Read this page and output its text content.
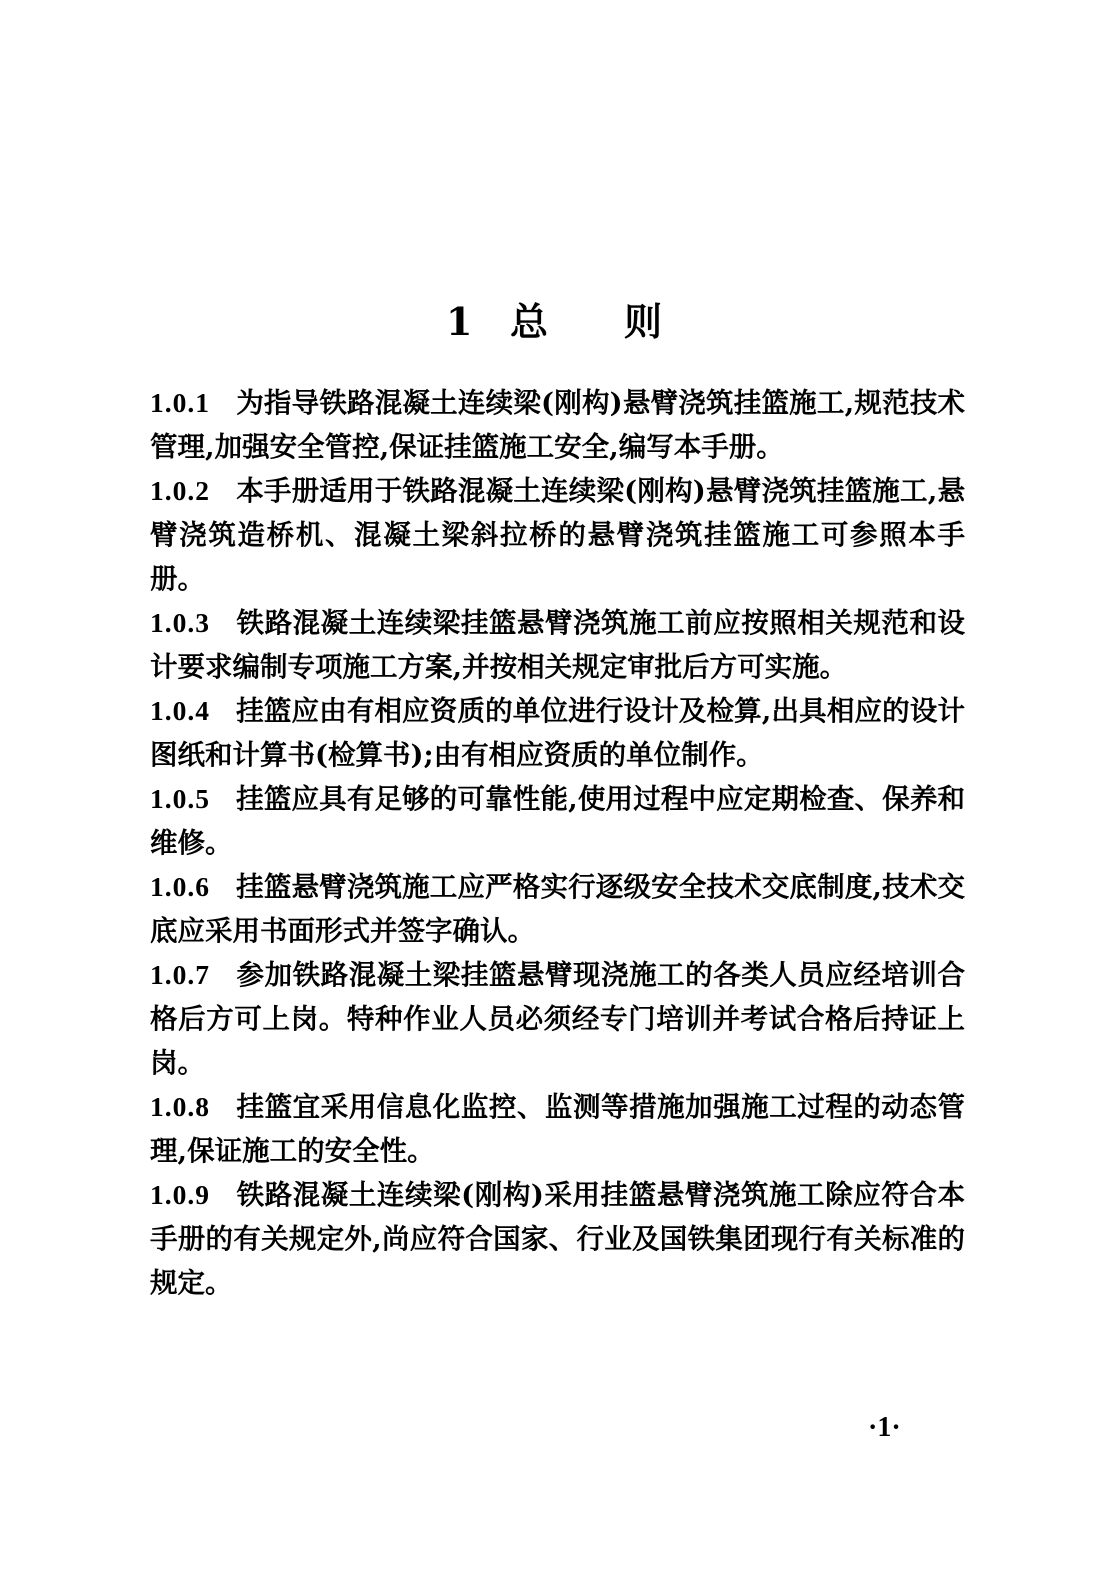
1 总 则

1.0.1 为指导铁路混凝土连续梁(刚构)悬臂浇筑挂篮施工,规范技术管理,加强安全管控,保证挂篮施工安全,编写本手册。

1.0.2 本手册适用于铁路混凝土连续梁(刚构)悬臂浇筑挂篮施工,悬臂浇筑造桥机、混凝土梁斜拉桥的悬臂浇筑挂篮施工可参照本手册。

1.0.3 铁路混凝土连续梁挂篮悬臂浇筑施工前应按照相关规范和设计要求编制专项施工方案,并按相关规定审批后方可实施。

1.0.4 挂篮应由有相应资质的单位进行设计及检算,出具相应的设计图纸和计算书(检算书);由有相应资质的单位制作。

1.0.5 挂篮应具有足够的可靠性能,使用过程中应定期检查、保养和维修。

1.0.6 挂篮悬臂浇筑施工应严格实行逐级安全技术交底制度,技术交底应采用书面形式并签字确认。

1.0.7 参加铁路混凝土梁挂篮悬臂现浇施工的各类人员应经培训合格后方可上岗。特种作业人员必须经专门培训并考试合格后持证上岗。

1.0.8 挂篮宜采用信息化监控、监测等措施加强施工过程的动态管理,保证施工的安全性。

1.0.9 铁路混凝土连续梁(刚构)采用挂篮悬臂浇筑施工除应符合本手册的有关规定外,尚应符合国家、行业及国铁集团现行有关标准的规定。

·1·
